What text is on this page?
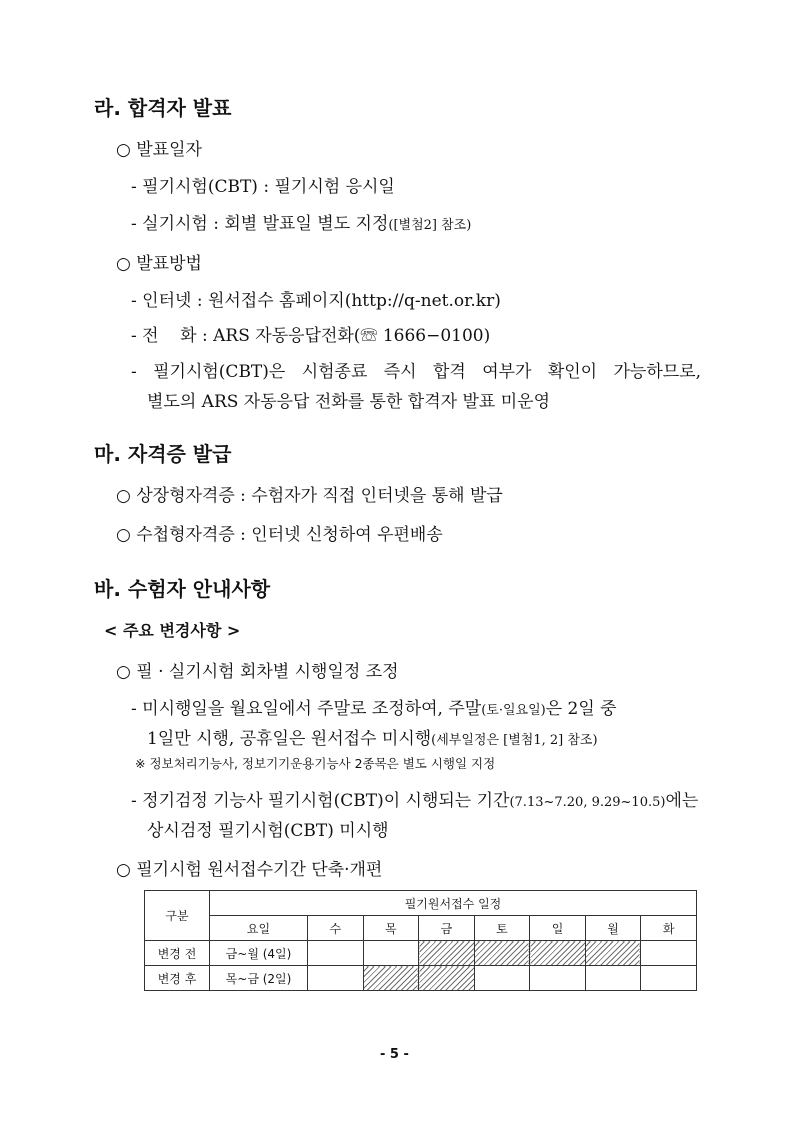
라. 합격자 발표
○ 발표일자
- 필기시험(CBT) : 필기시험 응시일
- 실기시험 : 회별 발표일 별도 지정([별첨2] 참조)
○ 발표방법
- 인터넷 : 원서접수 홈페이지(http://q-net.or.kr)
- 전    화 : ARS 자동응답전화(☏ 1666−0100)
- 필기시험(CBT)은 시험종료 즉시 합격 여부가 확인이 가능하므로,
별도의 ARS 자동응답 전화를 통한 합격자 발표 미운영
마. 자격증 발급
○ 상장형자격증 : 수험자가 직접 인터넷을 통해 발급
○ 수첩형자격증 : 인터넷 신청하여 우편배송
바. 수험자 안내사항
< 주요 변경사항 >
○ 필 · 실기시험 회차별 시행일정 조정
- 미시행일을 월요일에서 주말로 조정하여, 주말(토·일요일)은 2일 중
1일만 시행, 공휴일은 원서접수 미시행(세부일정은 [별첨1, 2] 참조)
※ 정보처리기능사, 정보기기운용기능사 2종목은 별도 시행일 지정
- 정기검정 기능사 필기시험(CBT)이 시행되는 기간(7.13~7.20, 9.29~10.5)에는
상시검정 필기시험(CBT) 미시행
○ 필기시험 원서접수기간 단축·개편
구분	필기원서접수 일정							
	요일	수	목	금	토	일	월	화
변경 전	금~월 (4일)							
변경 후	목~금 (2일)							
- 5 -
